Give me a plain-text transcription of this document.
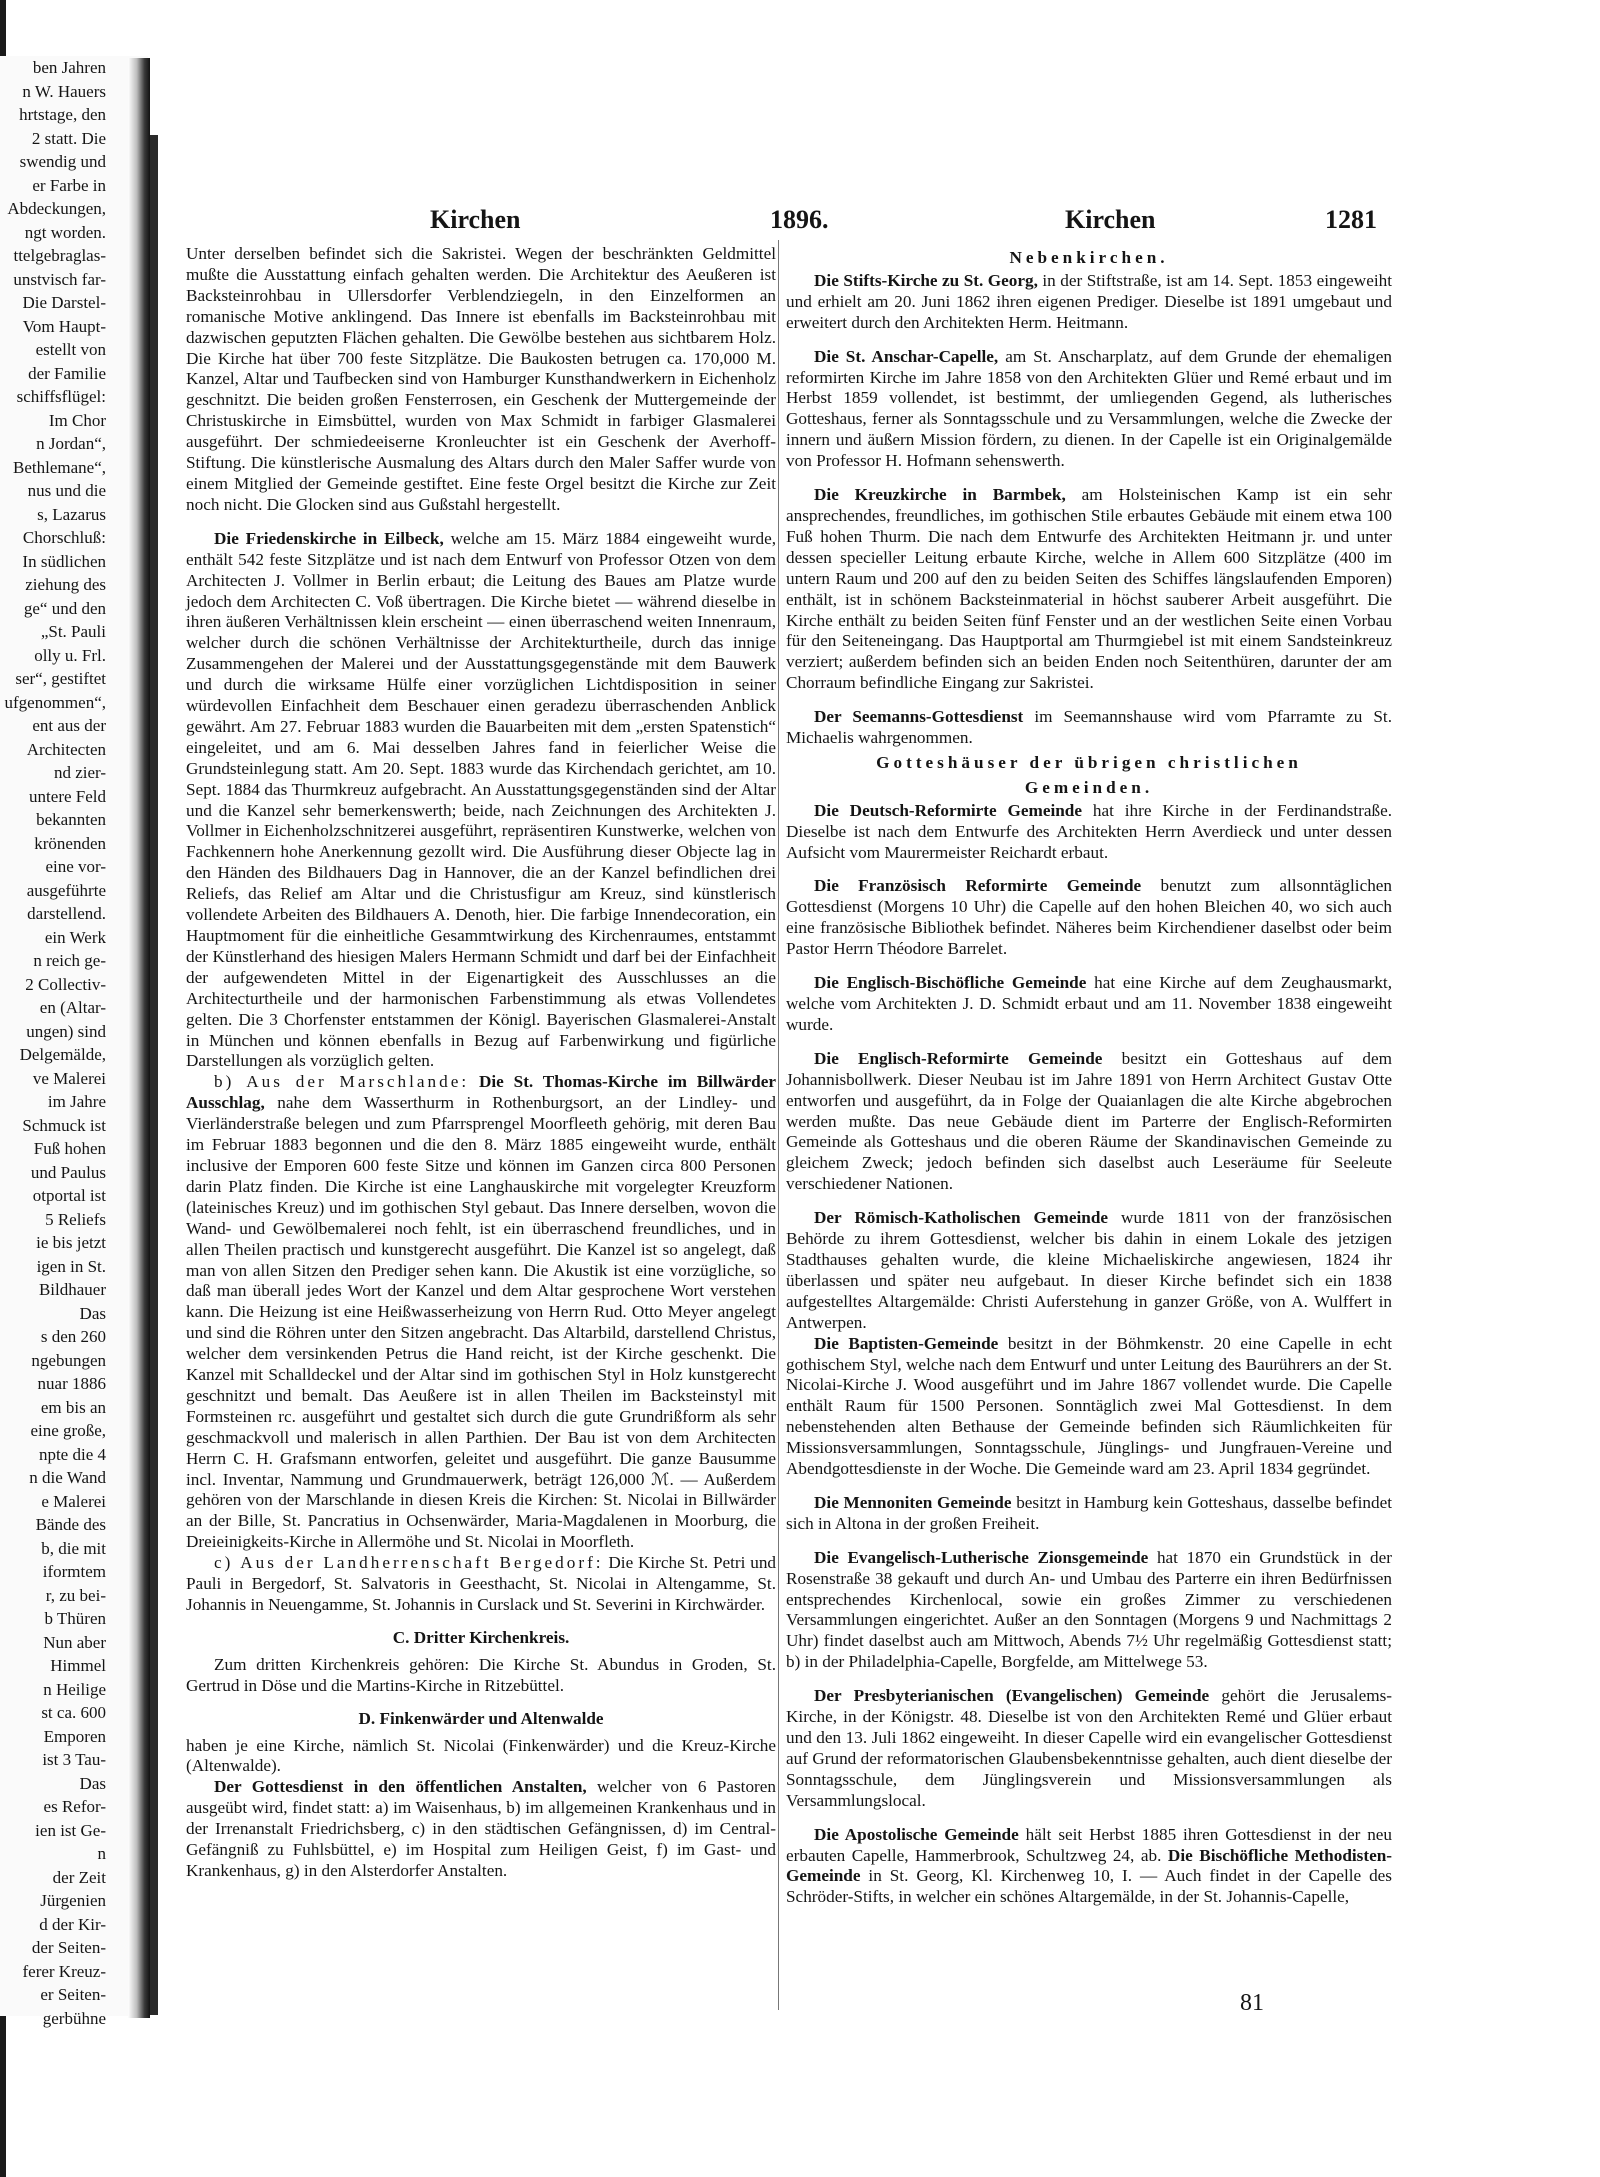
ben Jahren
n W. Hauers
hrtstage, den
2 statt. Die
swendig und
er Farbe in
Abdeckungen,
ngt worden.
ttelgebraglas-
unstvisch far-
Die Darstel-
Vom Haupt-
estellt von
der Familie
schiffsflügel:
Im Chor
n Jordan“,
Bethlemane“,
nus und die
s, Lazarus
Chorschluß:
In südlichen
ziehung des
ge“ und den
„St. Pauli
olly u. Frl.
ser“, gestiftet
ufgenommen“,
ent aus der
Architecten
nd zier-
untere Feld
bekannten
krönenden
eine vor-
ausgeführte
darstellend.
ein Werk
n reich ge-
2 Collectiv-
en (Altar-
ungen) sind
Delgemälde,
ve Malerei
im Jahre
Schmuck ist
Fuß hohen
und Paulus
otportal ist
5 Reliefs
ie bis jetzt
igen in St.
Bildhauer
Das
s den 260
ngebungen
nuar 1886
em bis an
eine große,
npte die 4
n die Wand
e Malerei
Bände des
b, die mit
iformtem
r, zu bei-
b Thüren
Nun aber
Himmel
n Heilige
st ca. 600
Emporen
ist 3 Tau-
Das
es Refor-
ien ist Ge-
n
der Zeit
Jürgenien
d der Kir-
der Seiten-
ferer Kreuz-
er Seiten-
gerbühne
Kirchen	1896.	Kirchen	1281

Unter derselben befindet sich die Sakristei. Wegen der beschränkten Geldmittel mußte die Ausstattung einfach gehalten werden. Die Architektur des Aeußeren ist Backsteinrohbau in Ullersdorfer Verblendziegeln, in den Einzelformen an romanische Motive anklingend. Das Innere ist ebenfalls im Backsteinrohbau mit dazwischen geputzten Flächen gehalten. Die Gewölbe bestehen aus sichtbarem Holz. Die Kirche hat über 700 feste Sitzplätze. Die Baukosten betrugen ca. 170,000 M. Kanzel, Altar und Taufbecken sind von Hamburger Kunsthandwerkern in Eichenholz geschnitzt. Die beiden großen Fensterrosen, ein Geschenk der Muttergemeinde der Christuskirche in Eimsbüttel, wurden von Max Schmidt in farbiger Glasmalerei ausgeführt. Der schmiedeeiserne Kronleuchter ist ein Geschenk der Averhoff-Stiftung. Die künstlerische Ausmalung des Altars durch den Maler Saffer wurde von einem Mitglied der Gemeinde gestiftet. Eine feste Orgel besitzt die Kirche zur Zeit noch nicht. Die Glocken sind aus Gußstahl hergestellt.

Die Friedenskirche in Eilbeck, welche am 15. März 1884 eingeweiht wurde, enthält 542 feste Sitzplätze und ist nach dem Entwurf von Professor Otzen von dem Architecten J. Vollmer in Berlin erbaut; die Leitung des Baues am Platze wurde jedoch dem Architecten C. Voß übertragen. Die Kirche bietet — während dieselbe in ihren äußeren Verhältnissen klein erscheint — einen überraschend weiten Innenraum, welcher durch die schönen Verhältnisse der Architekturtheile, durch das innige Zusammengehen der Malerei und der Ausstattungsgegenstände mit dem Bauwerk und durch die wirksame Hülfe einer vorzüglichen Lichtdisposition in seiner würdevollen Einfachheit dem Beschauer einen geradezu überraschenden Anblick gewährt. Am 27. Februar 1883 wurden die Bauarbeiten mit dem „ersten Spatenstich“ eingeleitet, und am 6. Mai desselben Jahres fand in feierlicher Weise die Grundsteinlegung statt. Am 20. Sept. 1883 wurde das Kirchendach gerichtet, am 10. Sept. 1884 das Thurmkreuz aufgebracht. An Ausstattungsgegenständen sind der Altar und die Kanzel sehr bemerkenswerth; beide, nach Zeichnungen des Architekten J. Vollmer in Eichenholzschnitzerei ausgeführt, repräsentiren Kunstwerke, welchen von Fachkennern hohe Anerkennung gezollt wird. Die Ausführung dieser Objecte lag in den Händen des Bildhauers Dag in Hannover, die an der Kanzel befindlichen drei Reliefs, das Relief am Altar und die Christusfigur am Kreuz, sind künstlerisch vollendete Arbeiten des Bildhauers A. Denoth, hier. Die farbige Innendecoration, ein Hauptmoment für die einheitliche Gesammtwirkung des Kirchenraumes, entstammt der Künstlerhand des hiesigen Malers Hermann Schmidt und darf bei der Einfachheit der aufgewendeten Mittel in der Eigenartigkeit des Ausschlusses an die Architecturtheile und der harmonischen Farbenstimmung als etwas Vollendetes gelten. Die 3 Chorfenster entstammen der Königl. Bayerischen Glasmalerei-Anstalt in München und können ebenfalls in Bezug auf Farbenwirkung und figürliche Darstellungen als vorzüglich gelten.

b) Aus der Marschlande: Die St. Thomas-Kirche im Billwärder Ausschlag, nahe dem Wasserthurm in Rothenburgsort, an der Lindley- und Vierländerstraße belegen und zum Pfarrsprengel Moorfleeth gehörig, mit deren Bau im Februar 1883 begonnen und die den 8. März 1885 eingeweiht wurde, enthält inclusive der Emporen 600 feste Sitze und können im Ganzen circa 800 Personen darin Platz finden. Die Kirche ist eine Langhauskirche mit vorgelegter Kreuzform (lateinisches Kreuz) und im gothischen Styl gebaut. Das Innere derselben, wovon die Wand- und Gewölbemalerei noch fehlt, ist ein überraschend freundliches, und in allen Theilen practisch und kunstgerecht ausgeführt. Die Kanzel ist so angelegt, daß man von allen Sitzen den Prediger sehen kann. Die Akustik ist eine vorzügliche, so daß man überall jedes Wort der Kanzel und dem Altar gesprochene Wort verstehen kann. Die Heizung ist eine Heißwasserheizung von Herrn Rud. Otto Meyer angelegt und sind die Röhren unter den Sitzen angebracht. Das Altarbild, darstellend Christus, welcher dem versinkenden Petrus die Hand reicht, ist der Kirche geschenkt. Die Kanzel mit Schalldeckel und der Altar sind im gothischen Styl in Holz kunstgerecht geschnitzt und bemalt. Das Aeußere ist in allen Theilen im Backsteinstyl mit Formsteinen rc. ausgeführt und gestaltet sich durch die gute Grundrißform als sehr geschmackvoll und malerisch in allen Parthien. Der Bau ist von dem Architecten Herrn C. H. Grafsmann entworfen, geleitet und ausgeführt. Die ganze Bausumme incl. Inventar, Nammung und Grundmauerwerk, beträgt 126,000 ℳ. — Außerdem gehören von der Marschlande in diesen Kreis die Kirchen: St. Nicolai in Billwärder an der Bille, St. Pancratius in Ochsenwärder, Maria-Magdalenen in Moorburg, die Dreieinigkeits-Kirche in Allermöhe und St. Nicolai in Moorfleth.

c) Aus der Landherrenschaft Bergedorf: Die Kirche St. Petri und Pauli in Bergedorf, St. Salvatoris in Geesthacht, St. Nicolai in Altengamme, St. Johannis in Neuengamme, St. Johannis in Curslack und St. Severini in Kirchwärder.

C. Dritter Kirchenkreis.

Zum dritten Kirchenkreis gehören: Die Kirche St. Abundus in Groden, St. Gertrud in Döse und die Martins-Kirche in Ritzebüttel.

D. Finkenwärder und Altenwalde

haben je eine Kirche, nämlich St. Nicolai (Finkenwärder) und die Kreuz-Kirche (Altenwalde).

Der Gottesdienst in den öffentlichen Anstalten, welcher von 6 Pastoren ausgeübt wird, findet statt: a) im Waisenhaus, b) im allgemeinen Krankenhaus und in der Irrenanstalt Friedrichsberg, c) in den städtischen Gefängnissen, d) im Central-Gefängniß zu Fuhlsbüttel, e) im Hospital zum Heiligen Geist, f) im Gast- und Krankenhaus, g) in den Alsterdorfer Anstalten.

Nebenkirchen.

Die Stifts-Kirche zu St. Georg, in der Stiftstraße, ist am 14. Sept. 1853 eingeweiht und erhielt am 20. Juni 1862 ihren eigenen Prediger. Dieselbe ist 1891 umgebaut und erweitert durch den Architekten Herm. Heitmann.

Die St. Anschar-Capelle, am St. Anscharplatz, auf dem Grunde der ehemaligen reformirten Kirche im Jahre 1858 von den Architekten Glüer und Remé erbaut und im Herbst 1859 vollendet, ist bestimmt, der umliegenden Gegend, als lutherisches Gotteshaus, ferner als Sonntagsschule und zu Versammlungen, welche die Zwecke der innern und äußern Mission fördern, zu dienen. In der Capelle ist ein Originalgemälde von Professor H. Hofmann sehenswerth.

Die Kreuzkirche in Barmbek, am Holsteinischen Kamp ist ein sehr ansprechendes, freundliches, im gothischen Stile erbautes Gebäude mit einem etwa 100 Fuß hohen Thurm. Die nach dem Entwurfe des Architekten Heitmann jr. und unter dessen specieller Leitung erbaute Kirche, welche in Allem 600 Sitzplätze (400 im untern Raum und 200 auf den zu beiden Seiten des Schiffes längslaufenden Emporen) enthält, ist in schönem Backsteinmaterial in höchst sauberer Arbeit ausgeführt. Die Kirche enthält zu beiden Seiten fünf Fenster und an der westlichen Seite einen Vorbau für den Seiteneingang. Das Hauptportal am Thurmgiebel ist mit einem Sandsteinkreuz verziert; außerdem befinden sich an beiden Enden noch Seitenthüren, darunter der am Chorraum befindliche Eingang zur Sakristei.

Der Seemanns-Gottesdienst im Seemannshause wird vom Pfarramte zu St. Michaelis wahrgenommen.

Gotteshäuser der übrigen christlichen

Gemeinden.

Die Deutsch-Reformirte Gemeinde hat ihre Kirche in der Ferdinandstraße. Dieselbe ist nach dem Entwurfe des Architekten Herrn Averdieck und unter dessen Aufsicht vom Maurermeister Reichardt erbaut.

Die Französisch Reformirte Gemeinde benutzt zum allsonntäglichen Gottesdienst (Morgens 10 Uhr) die Capelle auf den hohen Bleichen 40, wo sich auch eine französische Bibliothek befindet. Näheres beim Kirchendiener daselbst oder beim Pastor Herrn Théodore Barrelet.

Die Englisch-Bischöfliche Gemeinde hat eine Kirche auf dem Zeughausmarkt, welche vom Architekten J. D. Schmidt erbaut und am 11. November 1838 eingeweiht wurde.

Die Englisch-Reformirte Gemeinde besitzt ein Gotteshaus auf dem Johannisbollwerk. Dieser Neubau ist im Jahre 1891 von Herrn Architect Gustav Otte entworfen und ausgeführt, da in Folge der Quaianlagen die alte Kirche abgebrochen werden mußte. Das neue Gebäude dient im Parterre der Englisch-Reformirten Gemeinde als Gotteshaus und die oberen Räume der Skandinavischen Gemeinde zu gleichem Zweck; jedoch befinden sich daselbst auch Leseräume für Seeleute verschiedener Nationen.

Der Römisch-Katholischen Gemeinde wurde 1811 von der französischen Behörde zu ihrem Gottesdienst, welcher bis dahin in einem Lokale des jetzigen Stadthauses gehalten wurde, die kleine Michaeliskirche angewiesen, 1824 ihr überlassen und später neu aufgebaut. In dieser Kirche befindet sich ein 1838 aufgestelltes Altargemälde: Christi Auferstehung in ganzer Größe, von A. Wulffert in Antwerpen.

Die Baptisten-Gemeinde besitzt in der Böhmkenstr. 20 eine Capelle in echt gothischem Styl, welche nach dem Entwurf und unter Leitung des Baurührers an der St. Nicolai-Kirche J. Wood ausgeführt und im Jahre 1867 vollendet wurde. Die Capelle enthält Raum für 1500 Personen. Sonntäglich zwei Mal Gottesdienst. In dem nebenstehenden alten Bethause der Gemeinde befinden sich Räumlichkeiten für Missionsversammlungen, Sonntagsschule, Jünglings- und Jungfrauen-Vereine und Abendgottesdienste in der Woche. Die Gemeinde ward am 23. April 1834 gegründet.

Die Mennoniten Gemeinde besitzt in Hamburg kein Gotteshaus, dasselbe befindet sich in Altona in der großen Freiheit.

Die Evangelisch-Lutherische Zionsgemeinde hat 1870 ein Grundstück in der Rosenstraße 38 gekauft und durch An- und Umbau des Parterre ein ihren Bedürfnissen entsprechendes Kirchenlocal, sowie ein großes Zimmer zu verschiedenen Versammlungen eingerichtet. Außer an den Sonntagen (Morgens 9 und Nachmittags 2 Uhr) findet daselbst auch am Mittwoch, Abends 7½ Uhr regelmäßig Gottesdienst statt; b) in der Philadelphia-Capelle, Borgfelde, am Mittelwege 53.

Der Presbyterianischen (Evangelischen) Gemeinde gehört die Jerusalems-Kirche, in der Königstr. 48. Dieselbe ist von den Architekten Remé und Glüer erbaut und den 13. Juli 1862 eingeweiht. In dieser Capelle wird ein evangelischer Gottesdienst auf Grund der reformatorischen Glaubensbekenntnisse gehalten, auch dient dieselbe der Sonntagsschule, dem Jünglingsverein und Missionsversammlungen als Versammlungslocal.

Die Apostolische Gemeinde hält seit Herbst 1885 ihren Gottesdienst in der neu erbauten Capelle, Hammerbrook, Schultzweg 24, ab. Die Bischöfliche Methodisten-Gemeinde in St. Georg, Kl. Kirchenweg 10, I. — Auch findet in der Capelle des Schröder-Stifts, in welcher ein schönes Altargemälde, in der St. Johannis-Capelle,

81
